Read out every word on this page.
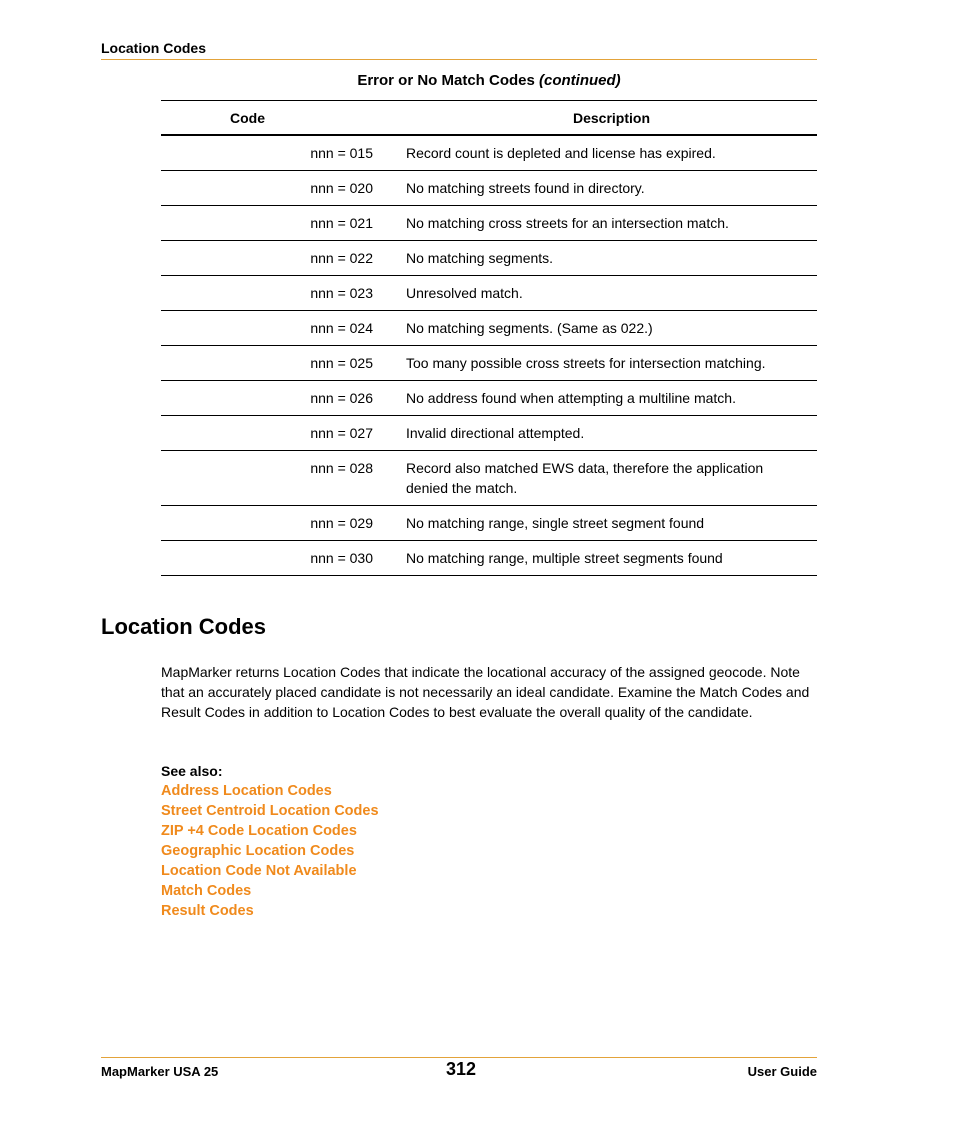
Location Codes
Error or No Match Codes (continued)
Code	Description
nnn = 015	Record count is depleted and license has expired.
nnn = 020	No matching streets found in directory.
nnn = 021	No matching cross streets for an intersection match.
nnn = 022	No matching segments.
nnn = 023	Unresolved match.
nnn = 024	No matching segments. (Same as 022.)
nnn = 025	Too many possible cross streets for intersection matching.
nnn = 026	No address found when attempting a multiline match.
nnn = 027	Invalid directional attempted.
nnn = 028	Record also matched EWS data, therefore the application denied the match.
nnn = 029	No matching range, single street segment found
nnn = 030	No matching range, multiple street segments found
Location Codes

MapMarker returns Location Codes that indicate the locational accuracy of the assigned geocode. Note that an accurately placed candidate is not necessarily an ideal candidate. Examine the Match Codes and Result Codes in addition to Location Codes to best evaluate the overall quality of the candidate.

See also:
Address Location Codes
Street Centroid Location Codes
ZIP +4 Code Location Codes
Geographic Location Codes
Location Code Not Available
Match Codes
Result Codes
MapMarker USA 25	312	User Guide
